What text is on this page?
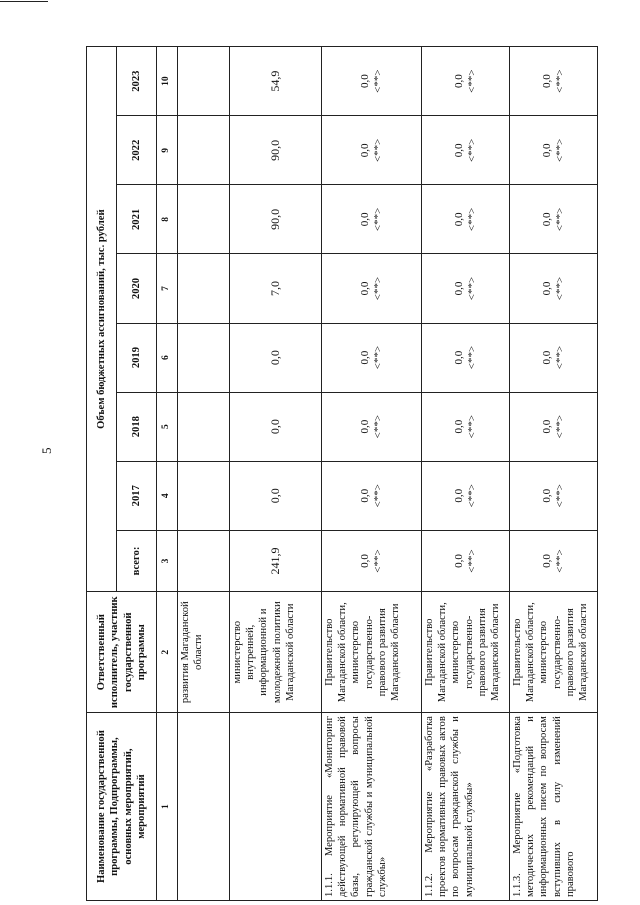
5
Наименование государственной программы, Подпрограммы, основных мероприятий, мероприятий	Ответственный исполнитель, участник государственной программы	Объем бюджетных ассигнований, тыс. рублей							
		всего:	2017	2018	2019	2020	2021	2022	2023
1	2	3	4	5	6	7	8	9	10
	развития Магаданской области								
	министерство внутренней, информационной и молодежной политики Магаданской области	241,9	0,0	0,0	0,0	7,0	90,0	90,0	54,9
1.1.1. Мероприятие «Мониторинг действующей нормативной правовой базы, регулирующей вопросы гражданской службы и муниципальной службы»	Правительство Магаданской области, министерство государственно-правового развития Магаданской области	0,0 <**>	0,0 <**>	0,0 <**>	0,0 <**>	0,0 <**>	0,0 <**>	0,0 <**>	0,0 <**>

1.1.2. Мероприятие «Разработка проектов нормативных правовых актов по вопросам гражданской службы и муниципальной службы»	Правительство Магаданской области, министерство государственно-правового развития Магаданской области	0,0 <**>	0,0 <**>	0,0 <**>	0,0 <**>	0,0 <**>	0,0 <**>	0,0 <**>	0,0 <**>

1.1.3. Мероприятие «Подготовка методических рекомендаций и информационных писем по вопросам вступивших в силу изменений правового	Правительство Магаданской области, министерство государственно-правового развития Магаданской области	0,0 <**>	0,0 <**>	0,0 <**>	0,0 <**>	0,0 <**>	0,0 <**>	0,0 <**>	0,0 <**>
